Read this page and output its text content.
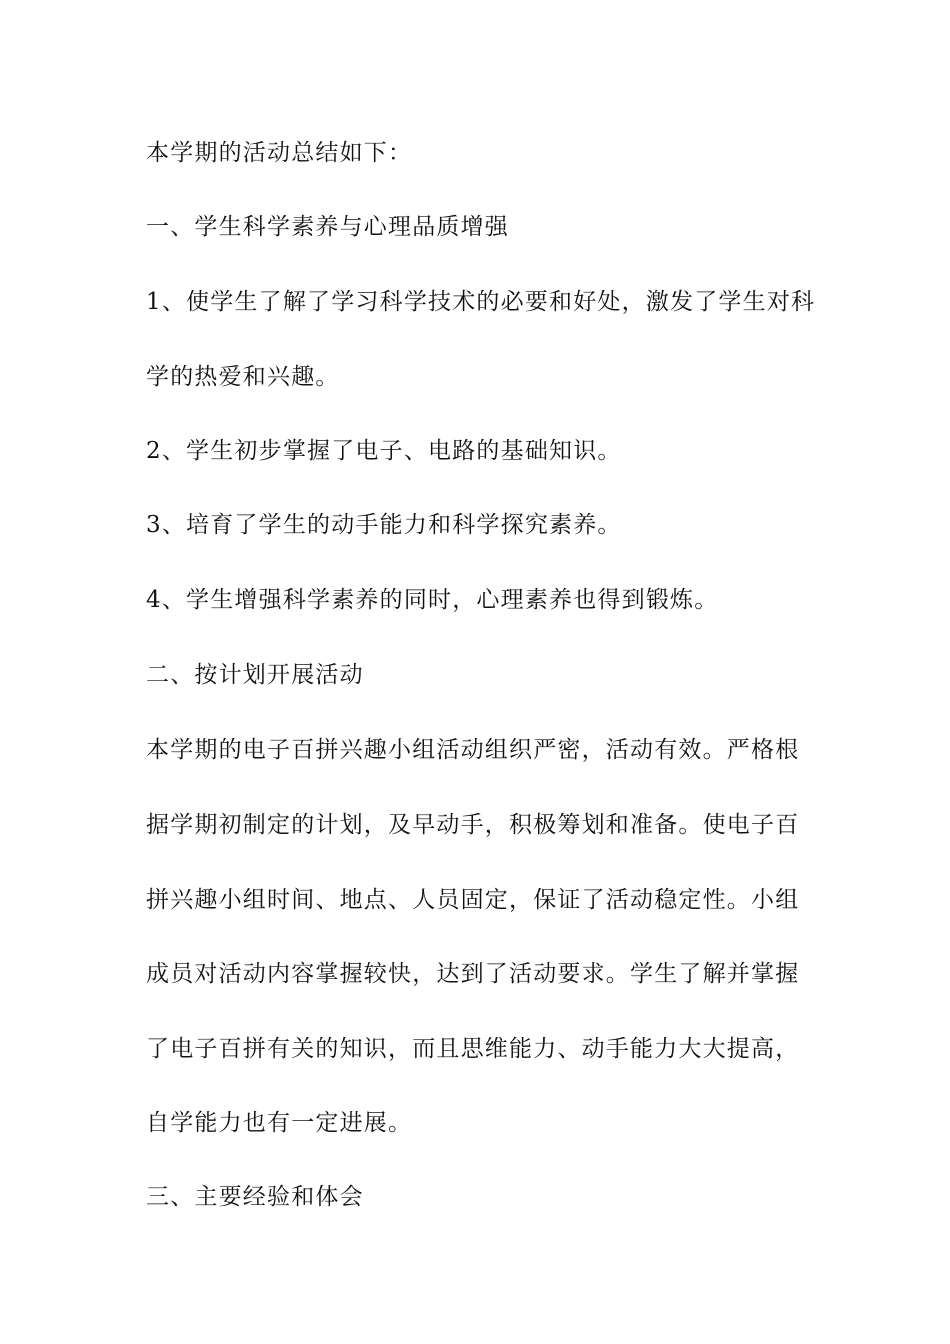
本学期的活动总结如下：
一、学生科学素养与心理品质增强
1、使学生了解了学习科学技术的必要和好处，激发了学生对科
学的热爱和兴趣。
2、学生初步掌握了电子、电路的基础知识。
3、培育了学生的动手能力和科学探究素养。
4、学生增强科学素养的同时，心理素养也得到锻炼。
二、按计划开展活动
本学期的电子百拼兴趣小组活动组织严密，活动有效。严格根
据学期初制定的计划，及早动手，积极筹划和准备。使电子百
拼兴趣小组时间、地点、人员固定，保证了活动稳定性。小组
成员对活动内容掌握较快，达到了活动要求。学生了解并掌握
了电子百拼有关的知识，而且思维能力、动手能力大大提高，
自学能力也有一定进展。
三、主要经验和体会
